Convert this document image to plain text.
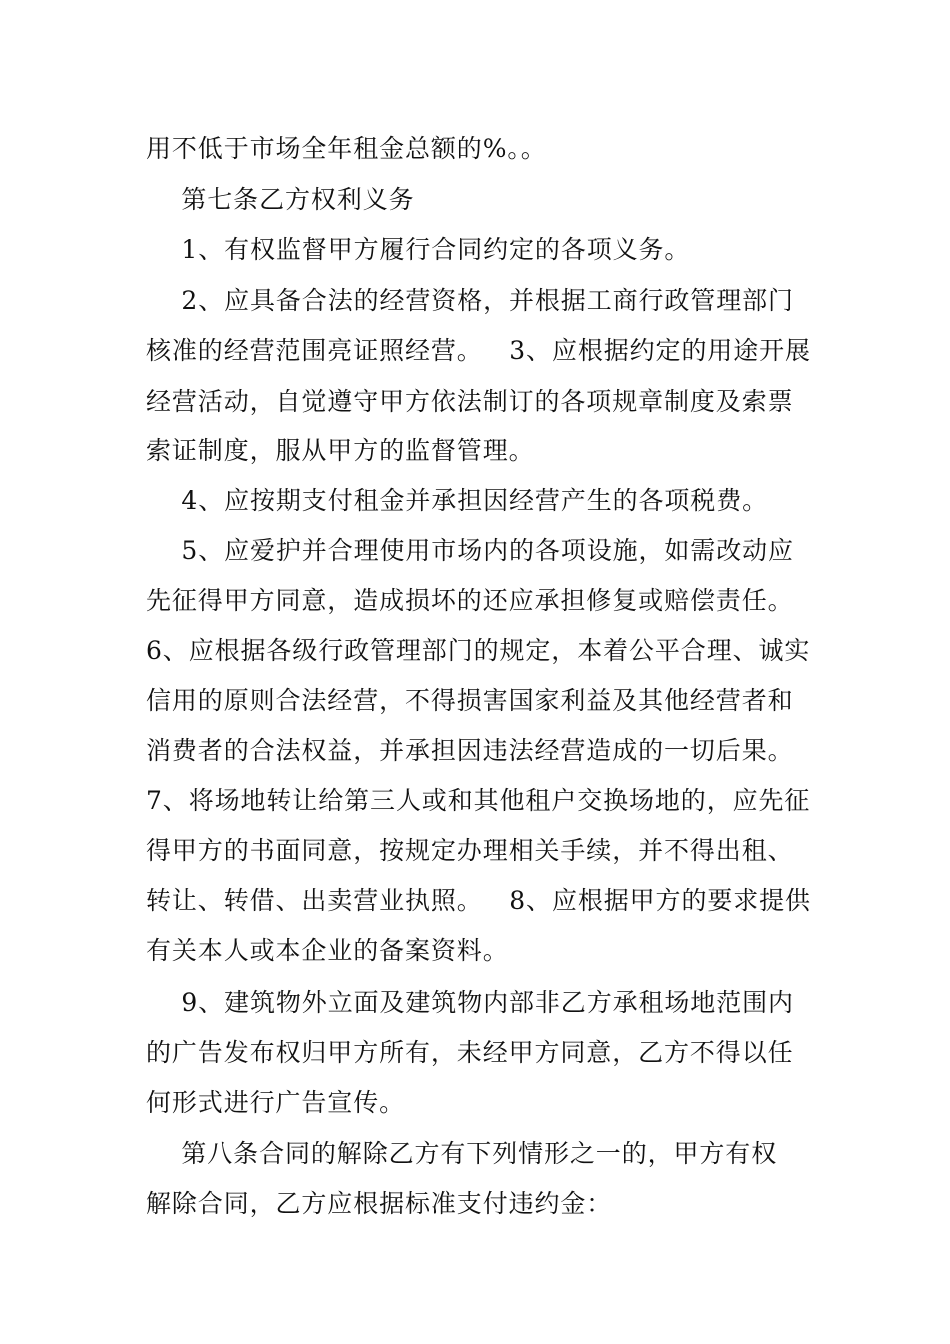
用不低于市场全年租金总额的%。。
第七条乙方权利义务
1、有权监督甲方履行合同约定的各项义务。
2、应具备合法的经营资格，并根据工商行政管理部门
核准的经营范围亮证照经营。   3、应根据约定的用途开展
经营活动，自觉遵守甲方依法制订的各项规章制度及索票
索证制度，服从甲方的监督管理。
4、应按期支付租金并承担因经营产生的各项税费。
5、应爱护并合理使用市场内的各项设施，如需改动应
先征得甲方同意，造成损坏的还应承担修复或赔偿责任。
6、应根据各级行政管理部门的规定，本着公平合理、诚实
信用的原则合法经营，不得损害国家利益及其他经营者和
消费者的合法权益，并承担因违法经营造成的一切后果。
7、将场地转让给第三人或和其他租户交换场地的，应先征
得甲方的书面同意，按规定办理相关手续，并不得出租、
转让、转借、出卖营业执照。   8、应根据甲方的要求提供
有关本人或本企业的备案资料。
9、建筑物外立面及建筑物内部非乙方承租场地范围内
的广告发布权归甲方所有，未经甲方同意，乙方不得以任
何形式进行广告宣传。
第八条合同的解除乙方有下列情形之一的，甲方有权
解除合同，乙方应根据标准支付违约金：
